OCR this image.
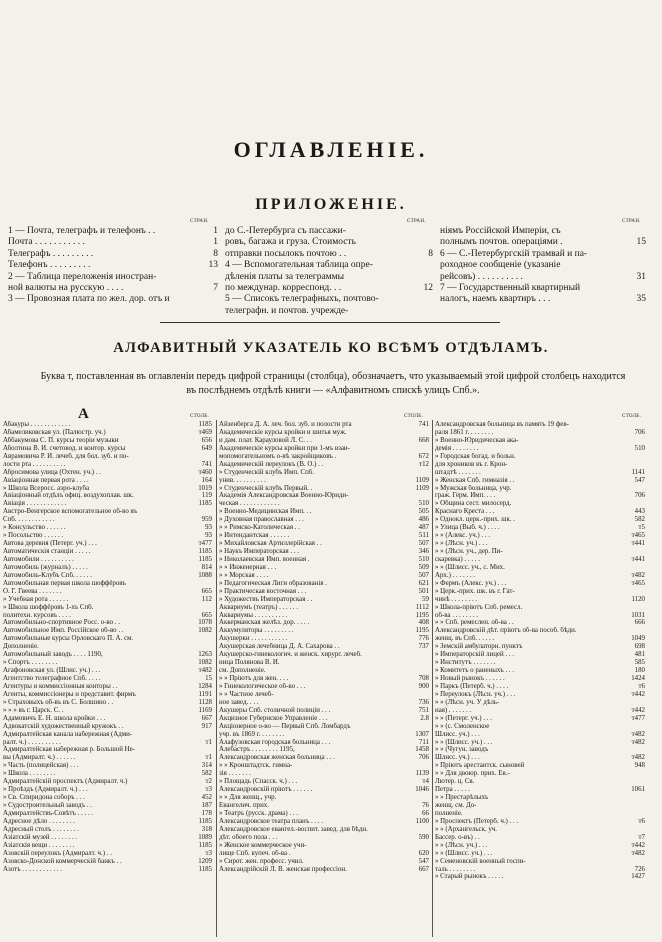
ОГЛАВЛЕНІЕ.
ПРИЛОЖЕНІЕ.
СТРАН.	СТРАН.	СТРАН.
1 — Почта, телеграфъ и телефонъ . .	1
Почта . . . . . . . . . . .	1
Телеграфъ . . . . . . . . .	8
Телефонъ . . . . . . . . .	13
2 — Таблица переложенія иностран-
ной валюты на русскую . . . .	7
3 — Провозная плата по жел. дор. отъ и
до С.-Петербурга съ пассажи-
ровъ, багажа и груза. Стоимость
отправки посылокъ почтою . .	8
4 — Вспомогательная таблица опре-
дѣленія платы за телеграммы
по междунар. корреспонд. . .	12
5 — Списокъ телеграфныхъ, почтово-
телеграфн. и почтов. учрежде-
ніямъ Россійской Имперіи, съ
полнымъ почтов. операціями .	15
6 — С.-Петербургскій трамвай и па-
роходное сообщеніе (указаніе
рейсовъ) . . . . . . . . . .	31
7 — Государственный квартирный
налогъ, наемъ квартиръ . . .	35
АЛФАВИТНЫЙ УКАЗАТЕЛЬ КО ВСѢМЪ ОТДѢЛАМЪ.
Буква т, поставленная въ оглавленіи передъ цифрой страницы (столбца), обозначаетъ, что указываемый этой цифрой столбецъ находится въ послѣднемъ отдѣлѣ книги — «Алфавитномъ спискѣ улицъ Спб.».
А	СТОЛБ.	СТОЛБ.	СТОЛБ.
Абакуры . . . . . . . . . . . .	1185
Абамеликовская ул. (Палюстр. уч.)	т469
Аббакумова С. П. курсы теоріи музыки	656
Аболтина В. И. счетовод. и контор. курсы	649
Аврамовича Р. И. лечеб. для бол. зуб. и по-
лости рта . . . . . . . . . .	741
Абросимова улица (Охтен. уч.) . .	т460
Авіаціонная первая рота . . . .	164
» Школа Всеросс. аэро-клуба	1019
Авіаціонный отдѣлъ офиц. воздухоплав. шк.	119
Авіація . . . . . . . . . . . .	1185
Австро-Венгерское вспомогательное об-во въ
Спб. . . . . . . . . . . .	959
» Консульство . . . . . .	93
» Посольство . . . . . .	93
Автова деревня (Петерг. уч.) . . .	т477
Автоматическія станціи . . . . .	1185
Автомобили . . . . . . . . . .	1185
Автомобиль (журналъ) . . . . .	814
Автомобиль-Клубъ Спб. . . . . .	1088
Автомобильная первая школа шоффёровъ
О. Г. Гвеева . . . . . . .	665
» Учебная рота . . . . . .	112
» Школа шоффёровъ 1-хъ Спб.
политехн. курсовъ . . . .	665
Автомобильно-спортивное Росс. о-во . .	1078
Автомобильное Имп. Россійское об-во . .	1082
Автомобильные курсы Орловскаго П. А. см.
Дополненіе.
Автомобильный заводъ . . . . 1190,	1263
» Спортъ . . . . . . . .	1082
Агафоновская ул. (Шлис. уч.) . . .	т482
Агентство телеграфное Спб. . . . .	15
Агентуры и коммиссіонныя конторы . .	1284
Агенты, коммиссіонеры и представит. фирмъ	1191
» Страховыхъ об-въ въ С. Болшино . .	1128
» » » въ г. Царск. С. .	1169
Адамовичъ Е. Н. школа кройки . . .	667
Адвокатскій художественный кружокъ . .	917
Адмиралтейская канала набережная (Адми-
ралт. ч.) . . . . . . . . . .	т1
Адмиралтейская набережная р. Большой Не-
вы (Адмиралт. ч.) . . . . . .	т1
» Часть (полицейская) . . .	314
» Школа . . . . . . . .	582
Адмиралтейскій проспектъ (Адмиралт. ч.)	т2
» Проѣздъ (Адмиралт. ч.) . . .	т3
» Св. Спиридона соборъ . . .	452
» Судостроительный заводъ . .	187
Адмиралтействъ-Совѣтъ . . . . .	178
Адресное дѣло . . . . . . . .	1185
Адресный столъ . . . . . . . .	318
Азіатскій музей . . . . . . . .	1089
Азіатскія вещи . . . . . . . .	1185
Азовскій переулокъ (Адмиралт. ч.) . .	т3
Азовско-Донской коммерческій банкъ . .	1209
Азотъ . . . . . . . . . . . .	1185
Айзенберга Д. А. леч. бол. зуб. и полости рта	741
Академическіе курсы кройки и шитья муж.
и дам. плат. Карауловой Л. С. . .	668
Академическіе курсы кройки при 1-мъ взаи-
мопомогательномъ о-вѣ закройщиковъ .	672
Академическій переулокъ (В. О.) . .	т12
» Студенческій клубъ Имп. Спб.
унив. . . . . . . . . .	1109
» Студенческій клубъ Первый. .	1109
Академія Александровская Военно-Юриди-
ческая . . . . . . . . . . . .	510
» Военно-Медицинская Имп. . .	505
» Духовная православная . . .	486
» » Римско-Католическая . .	487
» Интендантская . . . . . .	511
» Михайловская Артиллерійская . .	507
» Наукъ Императорская . . .	346
» Николаевская Имп. военная .	510
» » Инженерная . . .	509
» » Морская . . . .	507
» Педагогическая Лиги образованія .	621
» Практическая восточная . . .	501
» Художествъ Императорская . .	59
Аквариумъ (театръ) . . . . . .	1112
Аквариумы . . . . . . . . . .	1195
Аккерманская желѣз. дор. . . . .	408
Аккумуляторы . . . . . . . . .	1195
Акушерки . . . . . . . . . . .	776
Акушерская лечебница Д. А. Сахарова . .	737
Акушерско-гинекологич. и женск. хирург. лечеб.
ница Полянова В. И.
см. Дополненіе.
» » Пріютъ для жен. . . .	708
» Гинекологическое об-во . . .	900
» » Частное лечеб-
ное завед. . . .	736
Акушеры Спб. столичной полиціи . . .	751
Акцизное Губернское Управленіе . . .	2.8
Акціонерное о-во — Первый Спб. Ломбардъ
учр. въ 1869 г. . . . . . . .	1307
Алафузовская городская больница . . .	711
Алебастръ . . . . . . . . 1195,	1458
Александровская женская больница . . .	706
» » Кронштадтск. гимна-
зія . . . . . . .	1139
» Площадь (Спасск. ч.) . . .	т4
Александровскій пріютъ . . . . . .	1046
» » Для женщ., учр.
Евангелич. прих.	76
» Театръ (русск. драма) . . .	66
Александровское театра планъ . . . .	1100
Александровское евангел.-воспит. завед. для бѣдн.
дѣт. обоего пола . . .	590
» Женское коммерческое учи-
лище Спб. купеч. об-ва .	620
» Сирот. жен. професс. учил.	547
Александрійскій Л. В. женская профессіон.	667
Александровская больница въ память 19 фев-
раля 1861 г. . . . . . . .	706
» Военно-Юридическая ака-
демія . . . . . . . .	510
» Городская богад. и больн.
для хроников въ г. Крон-
штадтѣ . . . . . . .	1141
» Женская Спб. гимназія . .	547
» Мужская больница, учр.
граж. Герм. Имп. . . .	706
» Община сест. милосерд.
Краснаго Креста . . .	443
» Однокл. церк.-прих. шк. .	582
» Улица (Выб. ч.) . . . .	т5
» » (Алекс. уч.) . . .	т465
» » (Лѣсн. уч.) . . .	т441
» » (Лѣсн. уч., дер. Пи-
скаревка) . . . . .	т441
» » (Шлисс. уч., с. Мих.
Арх.) . . . . . . .	т482
» Фермъ (Алекс. уч.) . . .	т465
» Церк.-прих. шк. въ г. Гат-
чинѣ . . . . . . . .	1120
» Школа-пріютъ Спб. ремесл.
об-ва . . . . . . . .	1031
» » Спб. ремеслен. об-ва . .	666
Александровскій дѣт. пріютъ об-ва пособ. бѣдн.
женщ. въ Спб. . . . . .	1049
» Земскій амбулаторн. пунктъ	698
» Императорскій лицей . . .	481
» Институтъ . . . . . . .	585
» Комитетъ о раненыхъ . . .	180
» Новый рынокъ . . . . . .	1424
» Паркъ (Петерб. ч.) . . . .	т6
» Переулокъ (Лѣсн. уч.) . . .	т442
» » (Лѣсн. уч. У дѣль-
ная) . . . . . . .	т442
» » (Петерг. уч.) . . .	т477
» » (с. Смоленское
Шлисс. уч.) . . .	т482
» » (Шлисс. уч.) . . .	т482
» » (Чугун. заводъ
Шлисс. уч.) . . .	т482
» Пріютъ арестантск. сыновей	948
» » Для двоюр. прих. Ев.-
Лютер. ц. Св.
Петра . . . . .	1061
» » Престарѣлыхъ
женщ. см. До-
полненіе.
» Проспектъ (Петерб. ч.) . . .	т6
» » (Архангельск. уч.
Бассер. о-въ) . .	т7
» » (Лѣсн. уч.) . . .	т442
» » (Шлисс. уч.) . . .	т482
» Семеновскій военный госпи-
таль . . . . . . . .	726
» Старый рынокъ . . . . .	1427
